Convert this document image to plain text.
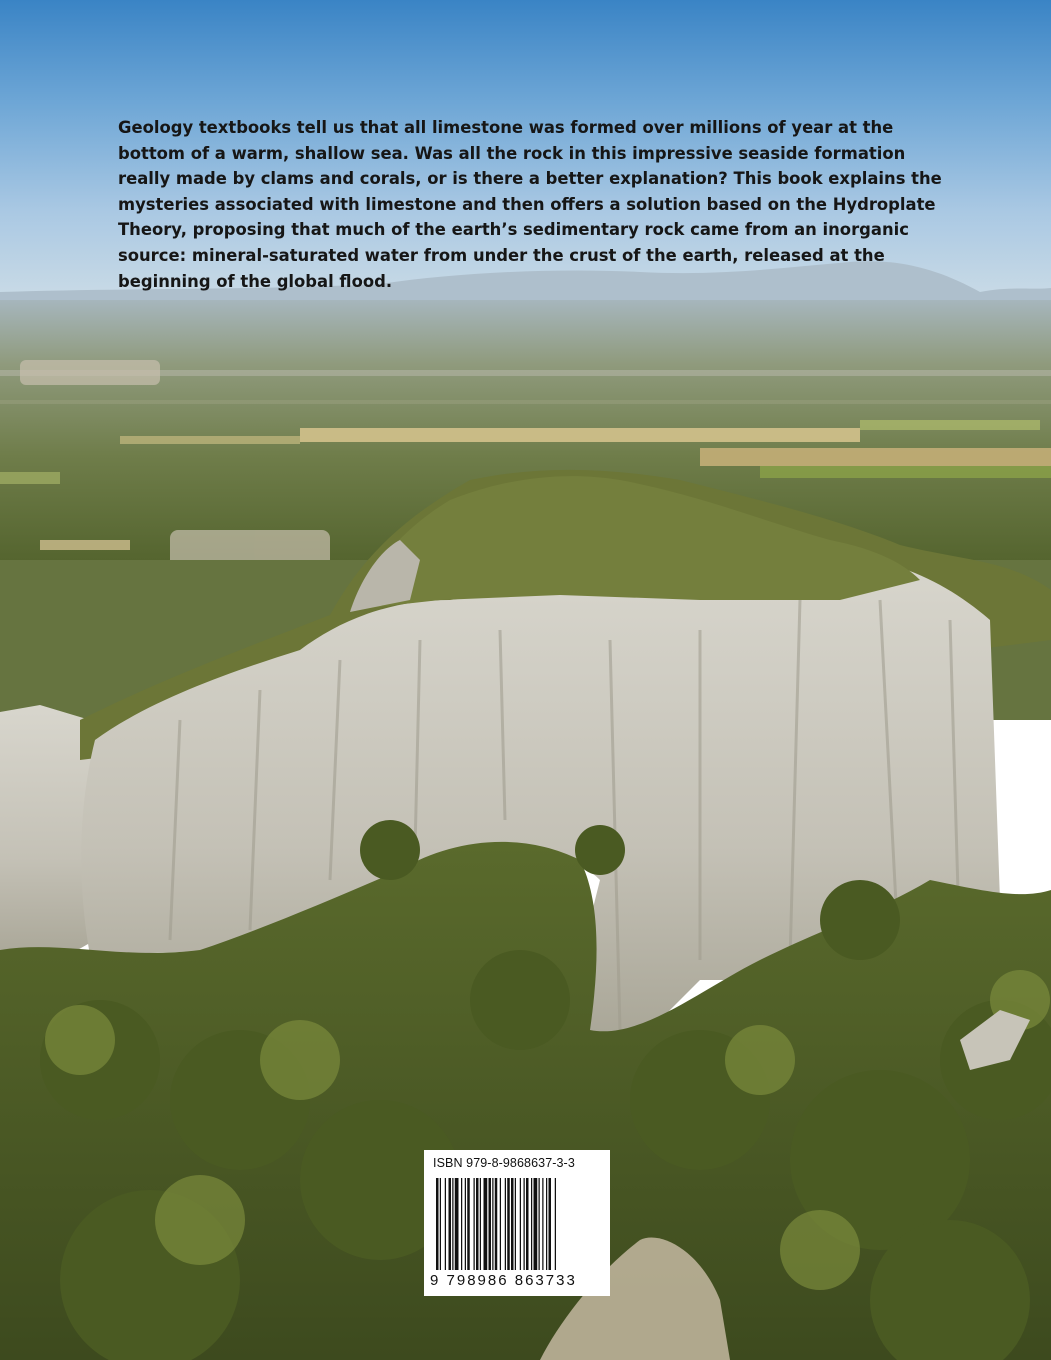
Geology textbooks tell us that all limestone was formed over millions of year at the bottom of a warm, shallow sea. Was all the rock in this impressive seaside formation really made by clams and corals, or is there a better explanation? This book explains the mysteries associated with limestone and then offers a solution based on the Hydroplate Theory, proposing that much of the earth’s sedimentary rock came from an inorganic source: mineral-saturated water from under the crust of the earth, released at the beginning of the global flood.

ISBN 979-8-9868637-3-3
9 798986 863733
